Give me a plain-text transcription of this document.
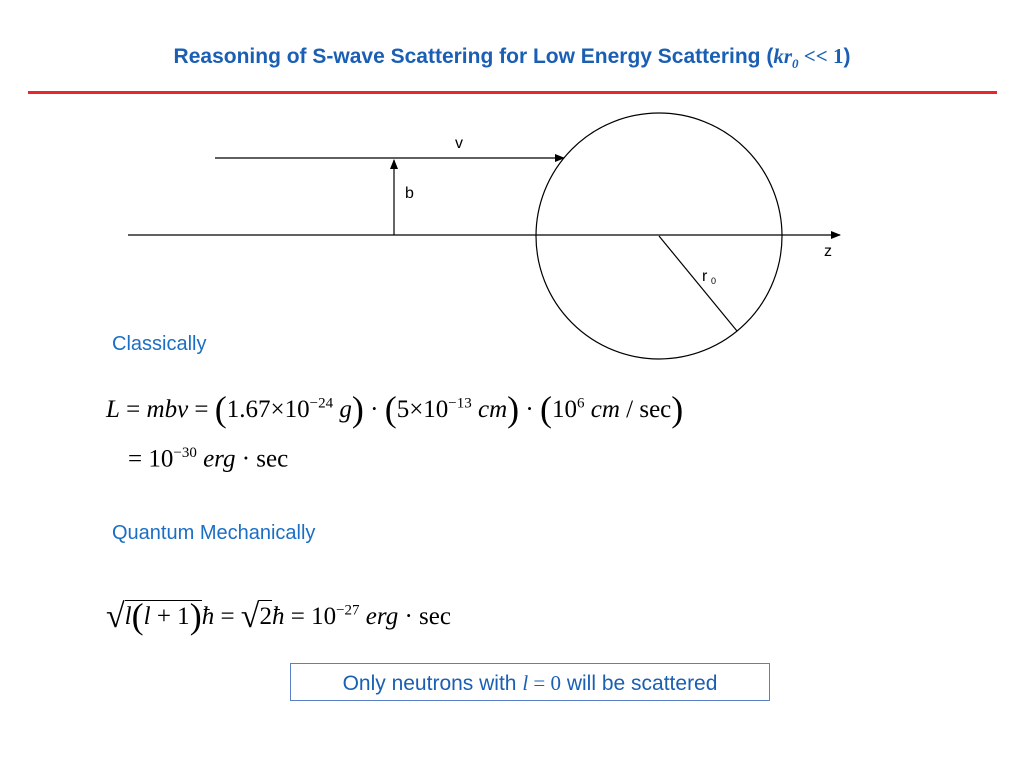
Reasoning of S-wave Scattering for Low Energy Scattering $(kr_0 << 1)$
v
b
z
r 0
Classically
L = mbv = ($1.67\times 10^{-24}$ $g) \cdot (5\times 10^{-13}$ $cm) \cdot (10^6$ cm / sec)
= $10^{-30}$ erg · sec
Quantum Mechanically
√l(l + 1)ħ = √2ħ = $10^{-27}$ erg · sec
Only neutrons with l = 0 will be scattered
